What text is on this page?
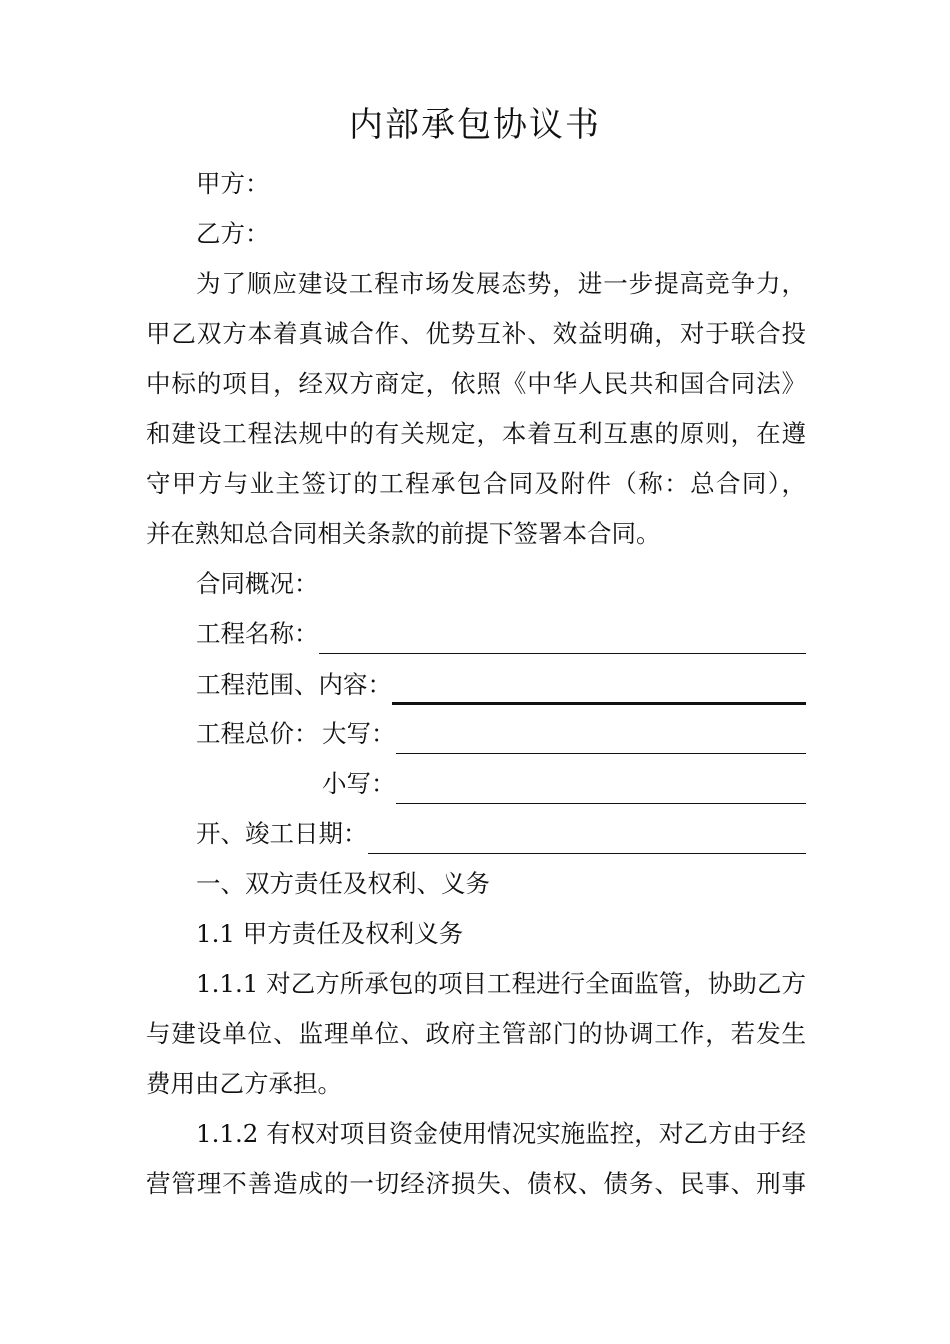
内部承包协议书
甲方：
乙方：
为了顺应建设工程市场发展态势，进一步提高竞争力，
甲乙双方本着真诚合作、优势互补、效益明确，对于联合投
中标的项目，经双方商定，依照《中华人民共和国合同法》
和建设工程法规中的有关规定，本着互利互惠的原则，在遵
守甲方与业主签订的工程承包合同及附件（称：总合同），
并在熟知总合同相关条款的前提下签署本合同。
合同概况：
工程名称：
工程范围、内容：
工程总价： 大写：
小写：
开、竣工日期：
一、双方责任及权利、义务
1.1 甲方责任及权利义务
1.1.1 对乙方所承包的项目工程进行全面监管，协助乙方
与建设单位、监理单位、政府主管部门的协调工作，若发生
费用由乙方承担。
1.1.2 有权对项目资金使用情况实施监控，对乙方由于经
营管理不善造成的一切经济损失、债权、债务、民事、刑事
